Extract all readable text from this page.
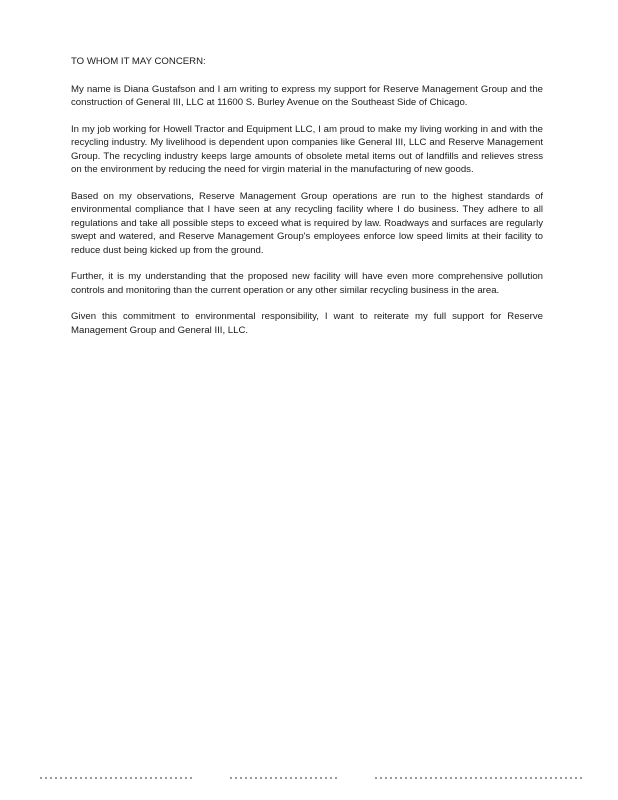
TO WHOM IT MAY CONCERN:

My name is Diana Gustafson and I am writing to express my support for Reserve Management Group and the construction of General III, LLC at 11600 S. Burley Avenue on the Southeast Side of Chicago.

In my job working for Howell Tractor and Equipment LLC, I am proud to make my living working in and with the recycling industry. My livelihood is dependent upon companies like General III, LLC and Reserve Management Group. The recycling industry keeps large amounts of obsolete metal items out of landfills and relieves stress on the environment by reducing the need for virgin material in the manufacturing of new goods.

Based on my observations, Reserve Management Group operations are run to the highest standards of environmental compliance that I have seen at any recycling facility where I do business. They adhere to all regulations and take all possible steps to exceed what is required by law. Roadways and surfaces are regularly swept and watered, and Reserve Management Group's employees enforce low speed limits at their facility to reduce dust being kicked up from the ground.

Further, it is my understanding that the proposed new facility will have even more comprehensive pollution controls and monitoring than the current operation or any other similar recycling business in the area.

Given this commitment to environmental responsibility, I want to reiterate my full support for Reserve Management Group and General III, LLC.
